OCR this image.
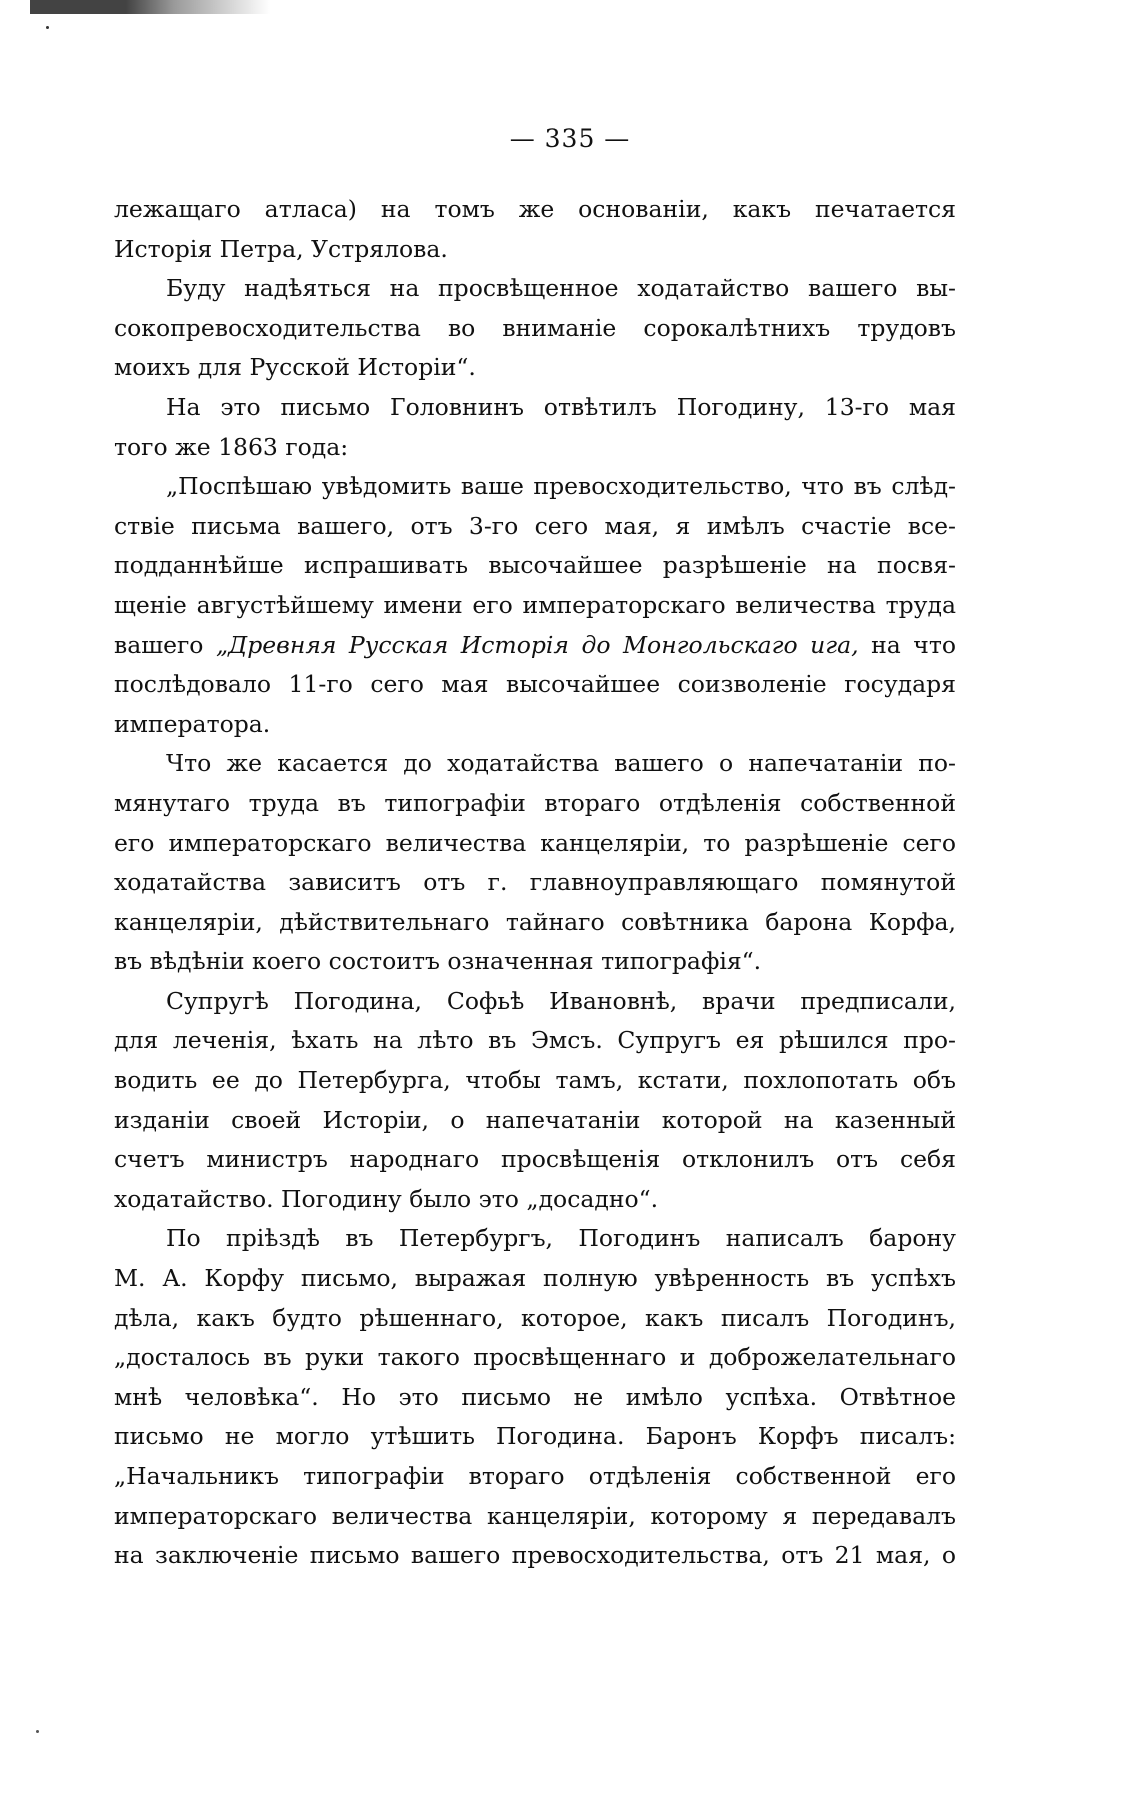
— 335 —
лежащаго атласа) на томъ же основаніи, какъ печатается
Исторія Петра, Устрялова.
Буду надѣяться на просвѣщенное ходатайство вашего вы-
сокопревосходительства во вниманіе сорокалѣтнихъ трудовъ
моихъ для Русской Исторіи“.
На это письмо Головнинъ отвѣтилъ Погодину, 13-го мая
того же 1863 года:
„Поспѣшаю увѣдомить ваше превосходительство, что въ слѣд-
ствіе письма вашего, отъ 3-го сего мая, я имѣлъ счастіе все-
подданнѣйше испрашивать высочайшее разрѣшеніе на посвя-
щеніе августѣйшему имени его императорскаго величества труда
вашего „Древняя Русская Исторія до Монгольскаго ига, на что
послѣдовало 11-го сего мая высочайшее соизволеніе государя
императора.
Что же касается до ходатайства вашего о напечатаніи по-
мянутаго труда въ типографіи втораго отдѣленія собственной
его императорскаго величества канцеляріи, то разрѣшеніе сего
ходатайства зависитъ отъ г. главноуправляющаго помянутой
канцеляріи, дѣйствительнаго тайнаго совѣтника барона Корфа,
въ вѣдѣніи коего состоитъ означенная типографія“.
Супругѣ Погодина, Софьѣ Ивановнѣ, врачи предписали,
для леченія, ѣхать на лѣто въ Эмсъ. Супругъ ея рѣшился про-
водить ее до Петербурга, чтобы тамъ, кстати, похлопотать объ
изданіи своей Исторіи, о напечатаніи которой на казенный
счетъ министръ народнаго просвѣщенія отклонилъ отъ себя
ходатайство. Погодину было это „досадно“.
По пріѣздѣ въ Петербургъ, Погодинъ написалъ барону
М. А. Корфу письмо, выражая полную увѣренность въ успѣхъ
дѣла, какъ будто рѣшеннаго, которое, какъ писалъ Погодинъ,
„досталось въ руки такого просвѣщеннаго и доброжелательнаго
мнѣ человѣка“. Но это письмо не имѣло успѣха. Отвѣтное
письмо не могло утѣшить Погодина. Баронъ Корфъ писалъ:
„Начальникъ типографіи втораго отдѣленія собственной его
императорскаго величества канцеляріи, которому я передавалъ
на заключеніе письмо вашего превосходительства, отъ 21 мая, о
